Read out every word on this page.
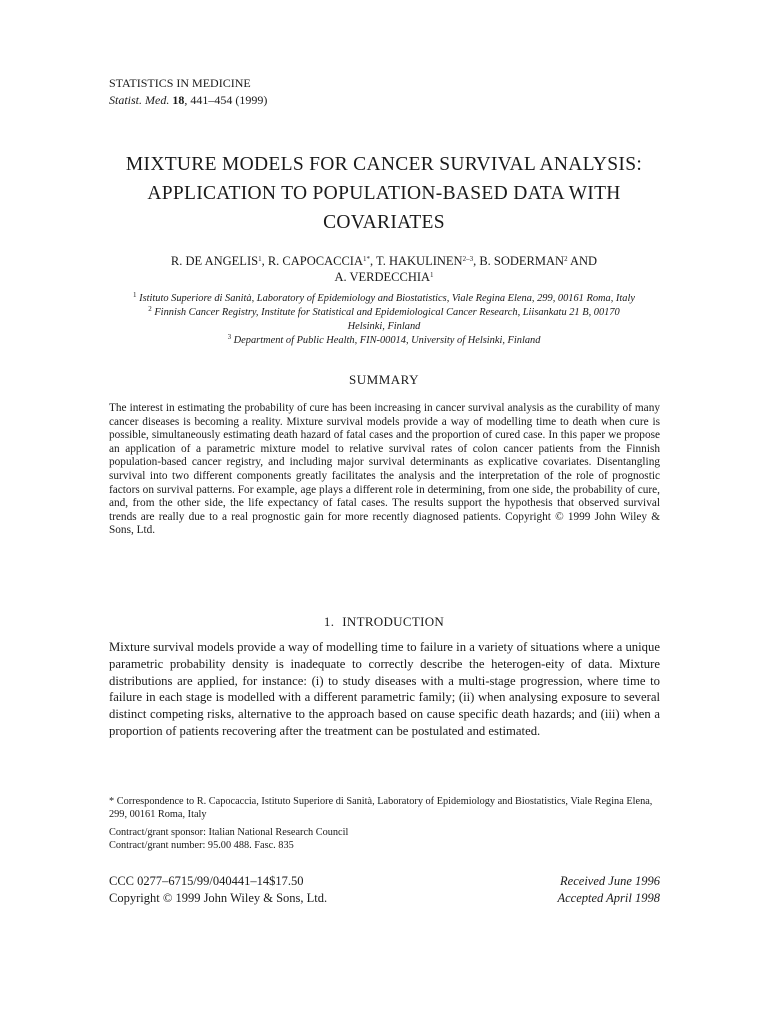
STATISTICS IN MEDICINE
Statist. Med. 18, 441–454 (1999)
MIXTURE MODELS FOR CANCER SURVIVAL ANALYSIS:
APPLICATION TO POPULATION-BASED DATA WITH
COVARIATES
R. DE ANGELIS$^1$, R. $CAPOCACCIA^{1*}$, T. HAKULINEN$^{2-3}$, B. SODERMAN$^2$ AND
A. VERDECCHIA$^1$
$^1$ Istituto Superiore di Sanità, Laboratory of Epidemiology and Biostatistics, Viale Regina Elena, 299, 00161 Roma, Italy
$^2$ Finnish Cancer Registry, Institute for Statistical and Epidemiological Cancer Research, Liisankatu 21 B, 00170
Helsinki, Finland
$^3$ Department of Public Health, FIN-00014, University of Helsinki, Finland
SUMMARY
The interest in estimating the probability of cure has been increasing in cancer survival analysis as the curability of many cancer diseases is becoming a reality. Mixture survival models provide a way of modelling time to death when cure is possible, simultaneously estimating death hazard of fatal cases and the proportion of cured case. In this paper we propose an application of a parametric mixture model to relative survival rates of colon cancer patients from the Finnish population-based cancer registry, and including major survival determinants as explicative covariates. Disentangling survival into two different components greatly facilitates the analysis and the interpretation of the role of prognostic factors on survival patterns. For example, age plays a different role in determining, from one side, the probability of cure, and, from the other side, the life expectancy of fatal cases. The results support the hypothesis that observed survival trends are really due to a real prognostic gain for more recently diagnosed patients. Copyright © 1999 John Wiley & Sons, Ltd.
1. INTRODUCTION
Mixture survival models provide a way of modelling time to failure in a variety of situations where a unique parametric probability density is inadequate to correctly describe the heterogen-eity of data. Mixture distributions are applied, for instance: (i) to study diseases with a multi-stage progression, where time to failure in each stage is modelled with a different parametric family; (ii) when analysing exposure to several distinct competing risks, alternative to the approach based on cause specific death hazards; and (iii) when a proportion of patients recovering after the treatment can be postulated and estimated.
* Correspondence to R. Capocaccia, Istituto Superiore di Sanità, Laboratory of Epidemiology and Biostatistics, Viale Regina Elena, 299, 00161 Roma, Italy
Contract/grant sponsor: Italian National Research Council
Contract/grant number: 95.00 488. Fasc. 835
CCC 0277–6715/99/040441–14$17.50
Copyright © 1999 John Wiley & Sons, Ltd.
Received June 1996
Accepted April 1998
